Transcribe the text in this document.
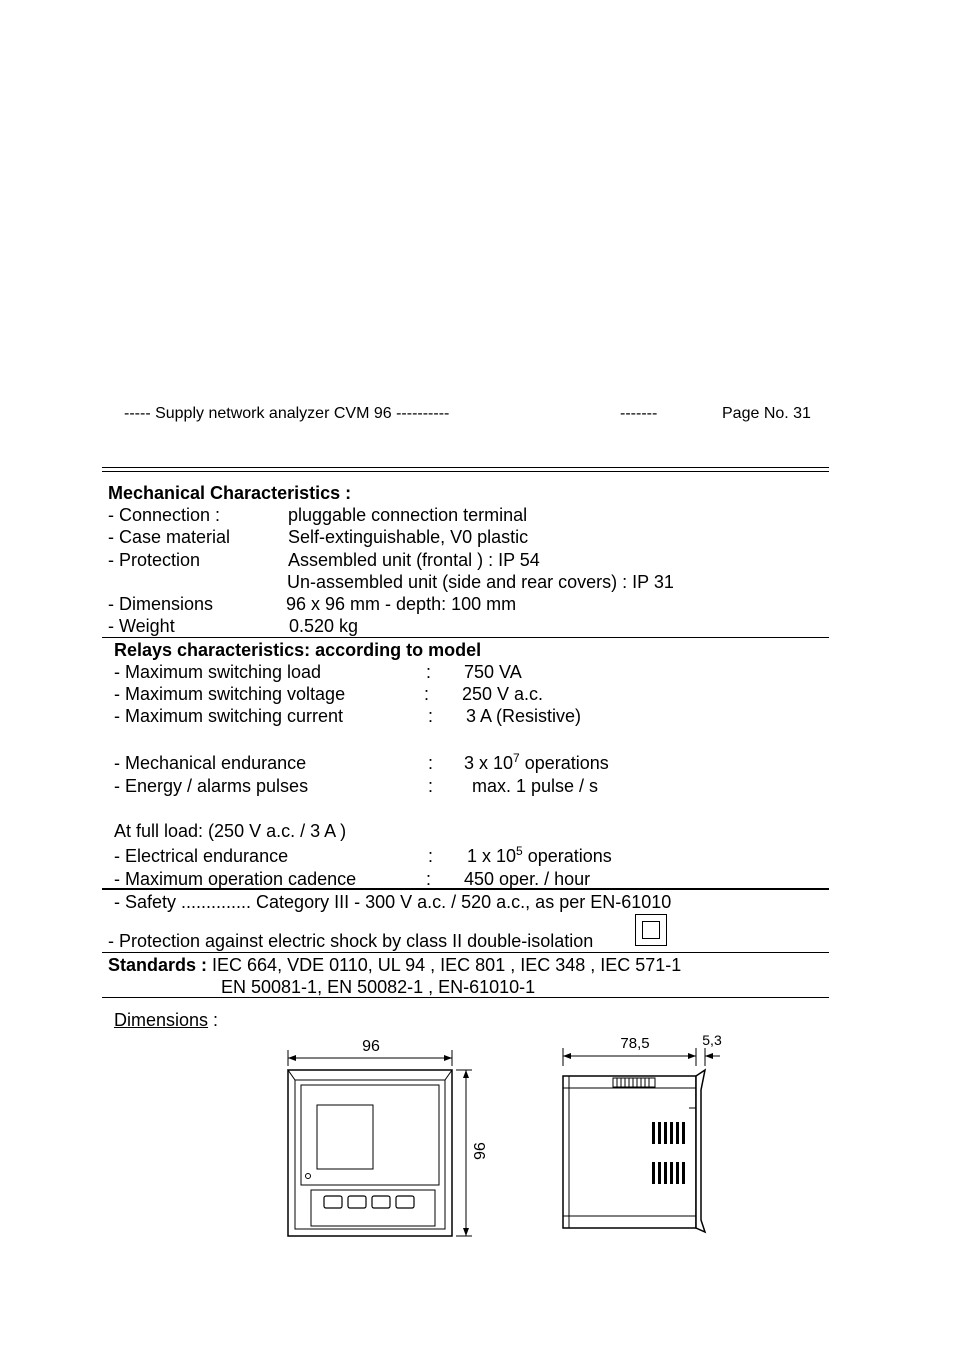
----- Supply network analyzer CVM 96 ----------	-------	Page No. 31
Mechanical Characteristics :
- Connection :	pluggable connection terminal
- Case material	Self-extinguishable, V0 plastic
- Protection	Assembled unit (frontal ) : IP 54
Un-assembled unit (side and rear covers) : IP 31
- Dimensions	96 x 96 mm - depth: 100 mm
- Weight	0.520 kg
Relays characteristics: according to model
- Maximum switching load	: 750 VA
- Maximum switching voltage	: 250 V a.c.
- Maximum switching current	: 3 A (Resistive)
- Mechanical endurance	: 3 x $10^7$ operations
- Energy / alarms pulses	: max. 1 pulse / s
At full load: (250 V a.c. / 3 A )
- Electrical endurance	: 1 x $10^5$ operations
- Maximum operation cadence	: 450 oper. / hour
- Safety .............. Category III - 300 V a.c. / 520 a.c., as per EN-61010
- Protection against electric shock by class II double-isolation
Standards : IEC 664, VDE 0110, UL 94 , IEC 801 , IEC 348 , IEC 571-1
EN 50081-1, EN 50082-1 , EN-61010-1
Dimensions :
96
96
78,5	5,3
